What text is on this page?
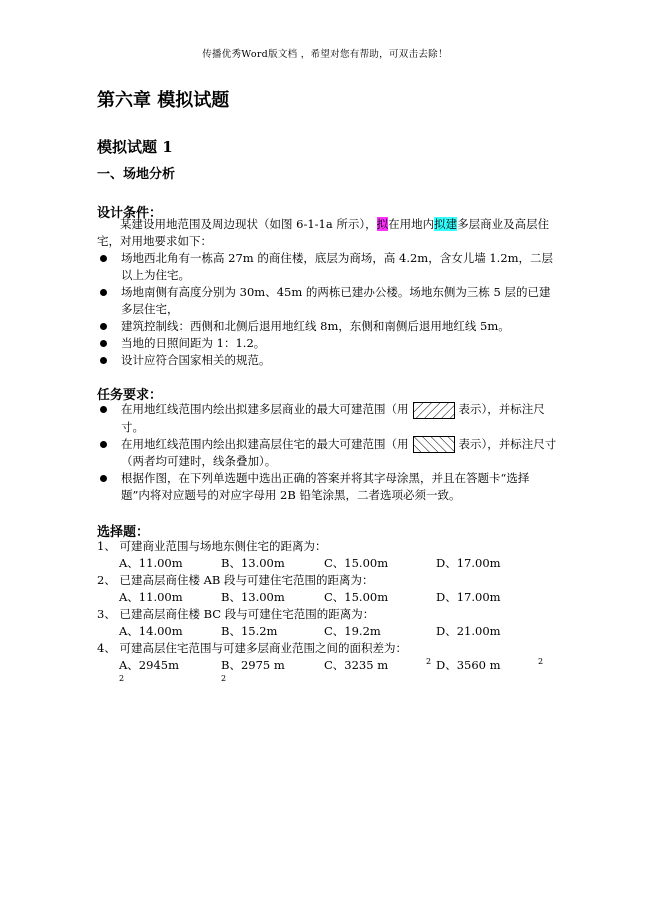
传播优秀Word版文档 ，希望对您有帮助，可双击去除！
第六章 模拟试题
模拟试题 1
一、场地分析
设计条件：
某建设用地范围及周边现状（如图 6-1-1a 所示），拟在用地内拟建多层商业及高层住宅，对用地要求如下：
场地西北角有一栋高 27m 的商住楼，底层为商场，高 4.2m，含女儿墙 1.2m，二层以上为住宅。
场地南侧有高度分别为 30m、45m 的两栋已建办公楼。场地东侧为三栋 5 层的已建多层住宅，
建筑控制线：西侧和北侧后退用地红线 8m，东侧和南侧后退用地红线 5m。
当地的日照间距为 1：1.2。
设计应符合国家相关的规范。
任务要求：
在用地红线范围内绘出拟建多层商业的最大可建范围（用	表示），并标注尺寸。
在用地红线范围内绘出拟建高层住宅的最大可建范围（用	表示），并标注尺寸（两者均可建时，线条叠加）。
根据作图，在下列单选题中选出正确的答案并将其字母涂黑，并且在答题卡“选择题”内将对应题号的对应字母用 2B 铅笔涂黑，二者选项必须一致。
选择题：
1、 可建商业范围与场地东侧住宅的距离为：
A、11.00m	B、13.00m	C、15.00m	D、17.00m
2、 已建高层商住楼 AB 段与可建住宅范围的距离为：
A、11.00m	B、13.00m	C、15.00m	D、17.00m
3、 已建高层商住楼 BC 段与可建住宅范围的距离为：
A、14.00m	B、15.2m	C、19.2m	D、21.00m
4、 可建高层住宅范围与可建多层商业范围之间的面积差为：
A、$2945m^2$
B、2975 $m^2$
C、3235 m	$^2$ D、3560 m	$^2$
